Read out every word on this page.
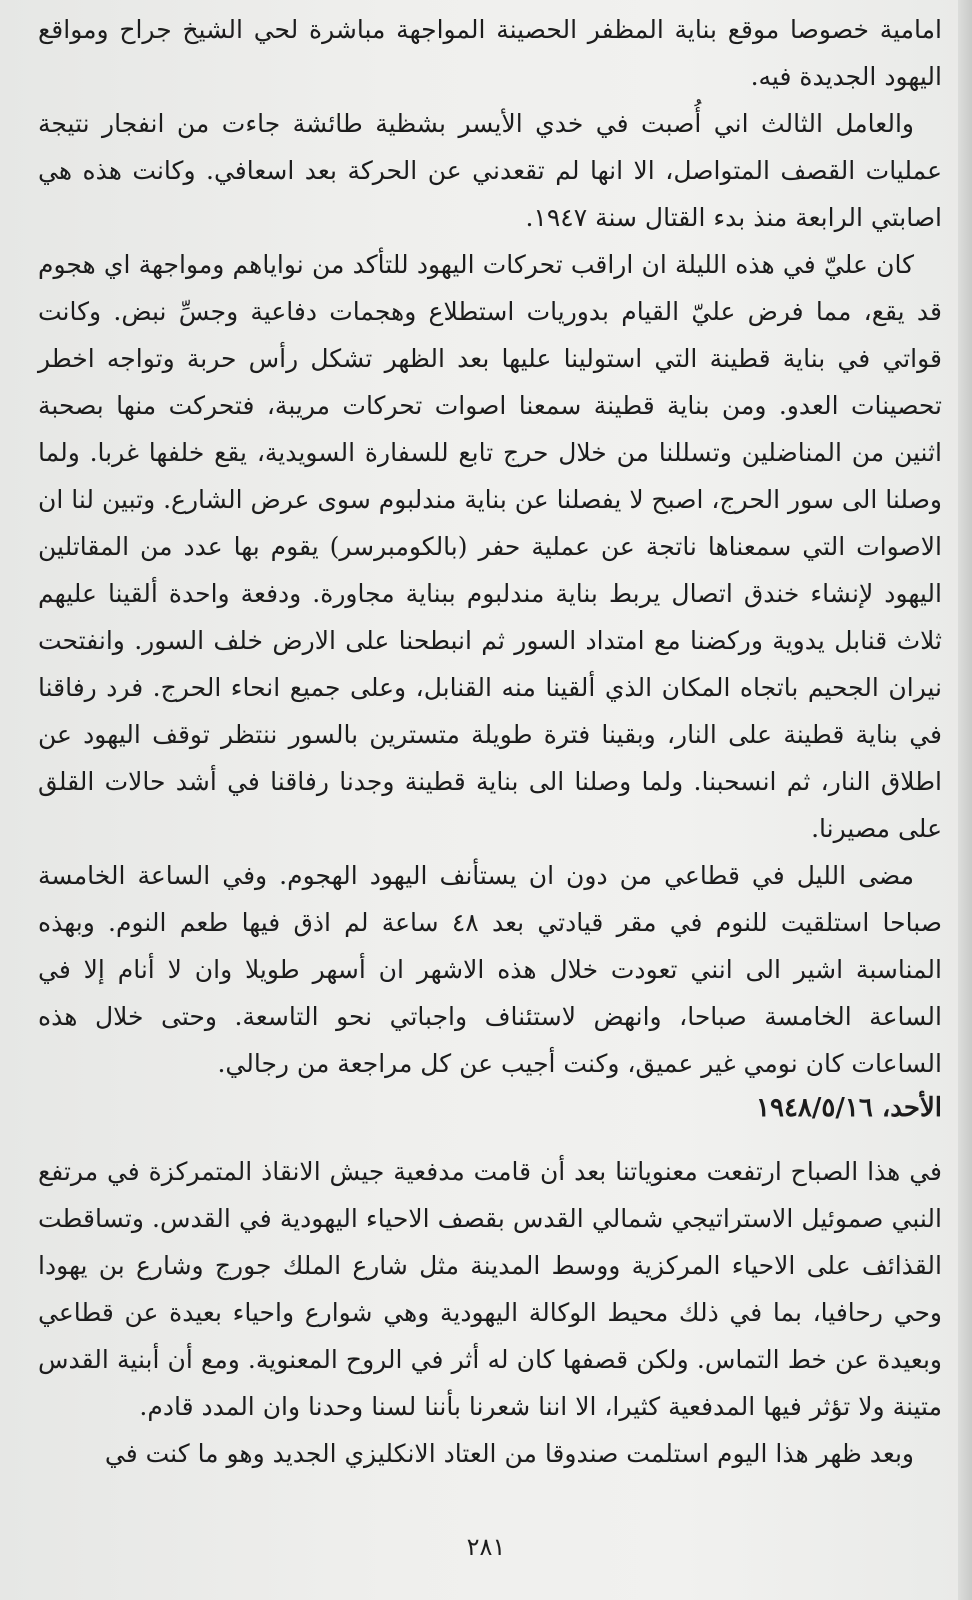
امامية خصوصا موقع بناية المظفر الحصينة المواجهة مباشرة لحي الشيخ جراح ومواقع اليهود الجديدة فيه.

والعامل الثالث اني أُصبت في خدي الأيسر بشظية طائشة جاءت من انفجار نتيجة عمليات القصف المتواصل، الا انها لم تقعدني عن الحركة بعد اسعافي. وكانت هذه هي اصابتي الرابعة منذ بدء القتال سنة ١٩٤٧.

كان عليّ في هذه الليلة ان اراقب تحركات اليهود للتأكد من نواياهم ومواجهة اي هجوم قد يقع، مما فرض عليّ القيام بدوريات استطلاع وهجمات دفاعية وجسِّ نبض. وكانت قواتي في بناية قطينة التي استولينا عليها بعد الظهر تشكل رأس حربة وتواجه اخطر تحصينات العدو. ومن بناية قطينة سمعنا اصوات تحركات مريبة، فتحركت منها بصحبة اثنين من المناضلين وتسللنا من خلال حرج تابع للسفارة السويدية، يقع خلفها غربا. ولما وصلنا الى سور الحرج، اصبح لا يفصلنا عن بناية مندلبوم سوى عرض الشارع. وتبين لنا ان الاصوات التي سمعناها ناتجة عن عملية حفر (بالكومبرسر) يقوم بها عدد من المقاتلين اليهود لإنشاء خندق اتصال يربط بناية مندلبوم ببناية مجاورة. ودفعة واحدة ألقينا عليهم ثلاث قنابل يدوية وركضنا مع امتداد السور ثم انبطحنا على الارض خلف السور. وانفتحت نيران الجحيم باتجاه المكان الذي ألقينا منه القنابل، وعلى جميع انحاء الحرج. فرد رفاقنا في بناية قطينة على النار، وبقينا فترة طويلة متسترين بالسور ننتظر توقف اليهود عن اطلاق النار، ثم انسحبنا. ولما وصلنا الى بناية قطينة وجدنا رفاقنا في أشد حالات القلق على مصيرنا.

مضى الليل في قطاعي من دون ان يستأنف اليهود الهجوم. وفي الساعة الخامسة صباحا استلقيت للنوم في مقر قيادتي بعد ٤٨ ساعة لم اذق فيها طعم النوم. وبهذه المناسبة اشير الى انني تعودت خلال هذه الاشهر ان أسهر طويلا وان لا أنام إلا في الساعة الخامسة صباحا، وانهض لاستئناف واجباتي نحو التاسعة. وحتى خلال هذه الساعات كان نومي غير عميق، وكنت أجيب عن كل مراجعة من رجالي.

الأحد، ١٩٤٨/٥/١٦

في هذا الصباح ارتفعت معنوياتنا بعد أن قامت مدفعية جيش الانقاذ المتمركزة في مرتفع النبي صموئيل الاستراتيجي شمالي القدس بقصف الاحياء اليهودية في القدس. وتساقطت القذائف على الاحياء المركزية ووسط المدينة مثل شارع الملك جورج وشارع بن يهودا وحي رحافيا، بما في ذلك محيط الوكالة اليهودية وهي شوارع واحياء بعيدة عن قطاعي وبعيدة عن خط التماس. ولكن قصفها كان له أثر في الروح المعنوية. ومع أن أبنية القدس متينة ولا تؤثر فيها المدفعية كثيرا، الا اننا شعرنا بأننا لسنا وحدنا وان المدد قادم.

وبعد ظهر هذا اليوم استلمت صندوقا من العتاد الانكليزي الجديد وهو ما كنت في

٢٨١
